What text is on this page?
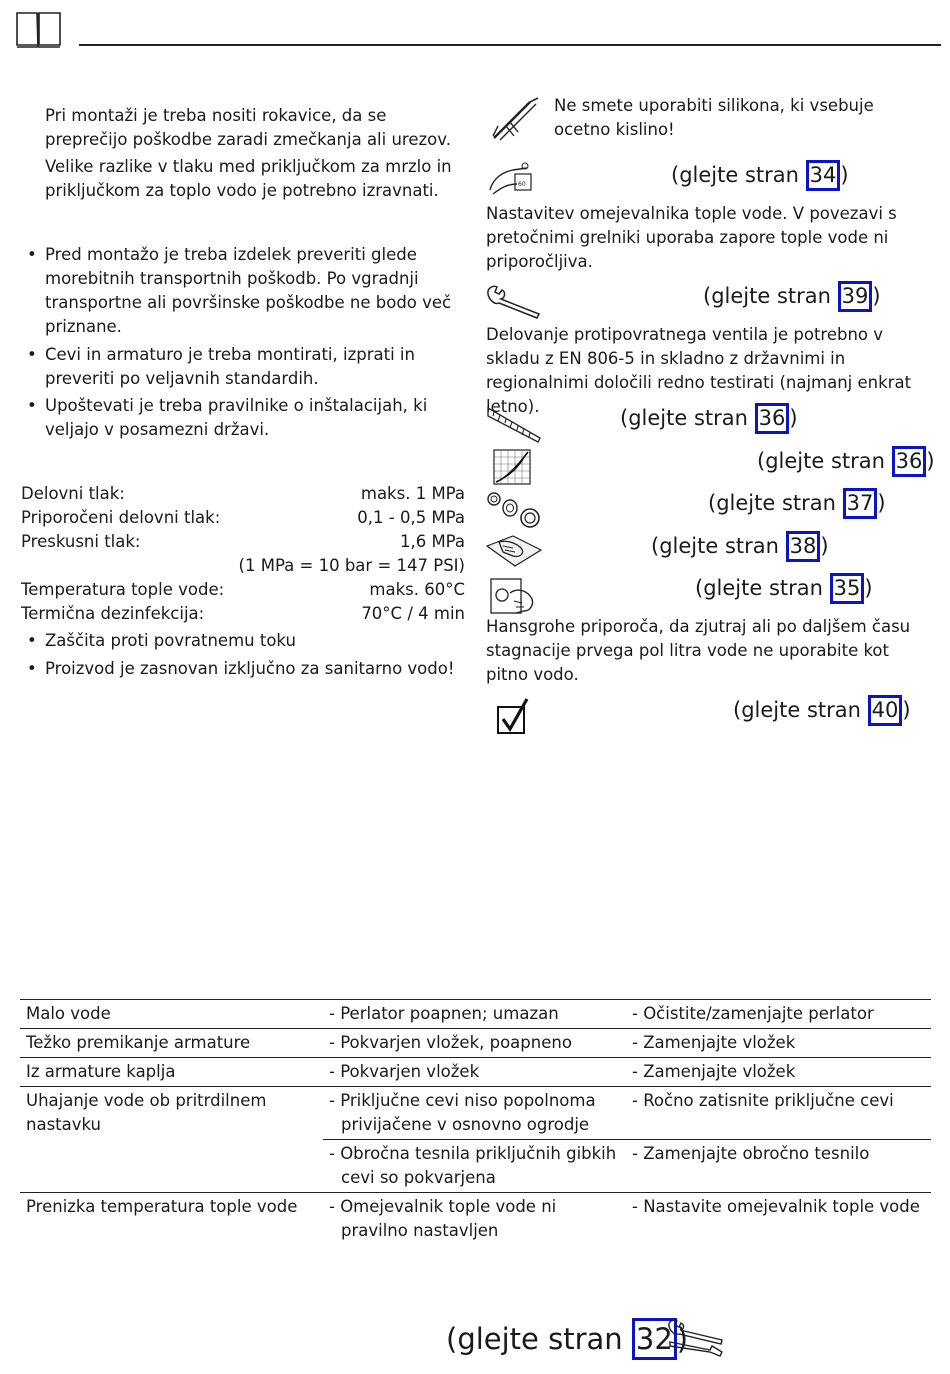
Pri montaži je treba nositi rokavice, da se preprečijo poškodbe zaradi zmečkanja ali urezov.
Velike razlike v tlaku med priključkom za mrzlo in priključkom za toplo vodo je potrebno izravnati.
• Pred montažo je treba izdelek preveriti glede morebitnih transportnih poškodb. Po vgradnji transportne ali površinske poškodbe ne bodo več priznane.
• Cevi in armaturo je treba montirati, izprati in preveriti po veljavnih standardih.
• Upoštevati je treba pravilnike o inštalacijah, ki veljajo v posamezni državi.
Delovni tlak:	maks. 1 MPa
Priporočeni delovni tlak:	0,1 - 0,5 MPa
Preskusni tlak:	1,6 MPa
(1 MPa = 10 bar = 147 PSI)
Temperatura tople vode:	maks. 60°C
Termična dezinfekcija:	70°C / 4 min
• Zaščita proti povratnemu toku
• Proizvod je zasnovan izključno za sanitarno vodo!
Ne smete uporabiti silikona, ki vsebuje ocetno kislino!
60	(glejte stran 34 )
Nastavitev omejevalnika tople vode. V povezavi s pretočnimi grelniki uporaba zapore tople vode ni priporočljiva.
(glejte stran 39 )
Delovanje protipovratnega ventila je potrebno v skladu z EN 806-5 in skladno z državnimi in regionalnimi določili redno testirati (najmanj enkrat letno).	(glejte stran 36 )
(glejte stran 36 )
(glejte stran 37 )
(glejte stran 38 )
(glejte stran 35 )
Hansgrohe priporoča, da zjutraj ali po daljšem času stagnacije prvega pol litra vode ne uporabite kot pitno vodo.
(glejte stran 40 )
Malo vode	- Perlator poapnen; umazan	- Očistite/zamenjajte perlator

Težko premikanje armature	- Pokvarjen vložek, poapneno	- Zamenjajte vložek

Iz armature kaplja	- Pokvarjen vložek	- Zamenjajte vložek

Uhajanje vode ob pritrdilnem nastavku	- Priključne cevi niso popolnoma privijačene v osnovno ogrodje	- Ročno zatisnite priključne cevi

	- Obročna tesnila priključnih gibkih cevi so pokvarjena	- Zamenjajte obročno tesnilo

Prenizka temperatura tople vode	- Omejevalnik tople vode ni pravilno nastavljen	- Nastavite omejevalnik tople vode
(glejte stran 32 )
